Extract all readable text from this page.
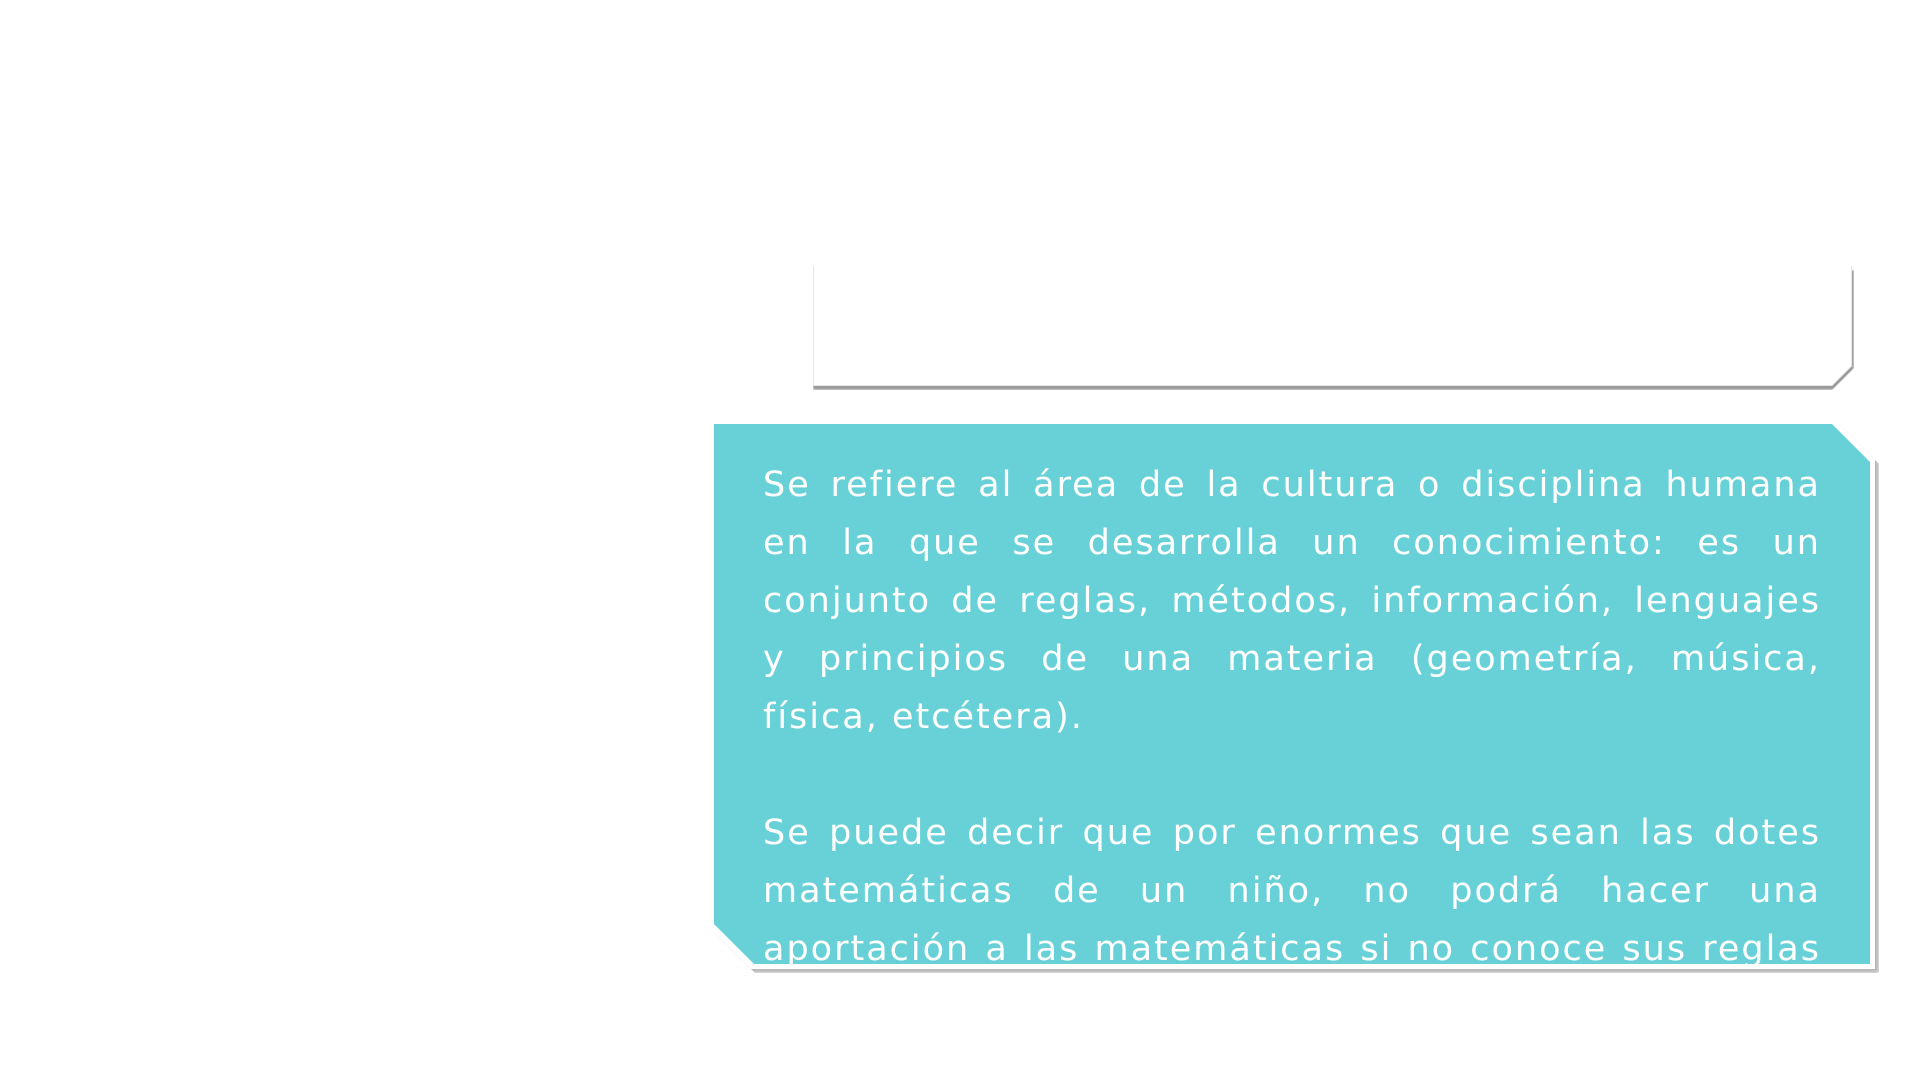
Se refiere al área de la cultura o disciplina humana en la que se desarrolla un conocimiento: es un conjunto de reglas, métodos, información, lenguajes y principios de una materia (geometría, música, física, etcétera).

Se puede decir que por enormes que sean las dotes matemáticas de un niño, no podrá hacer una aportación a las matemáticas si no conoce sus reglas primero.
